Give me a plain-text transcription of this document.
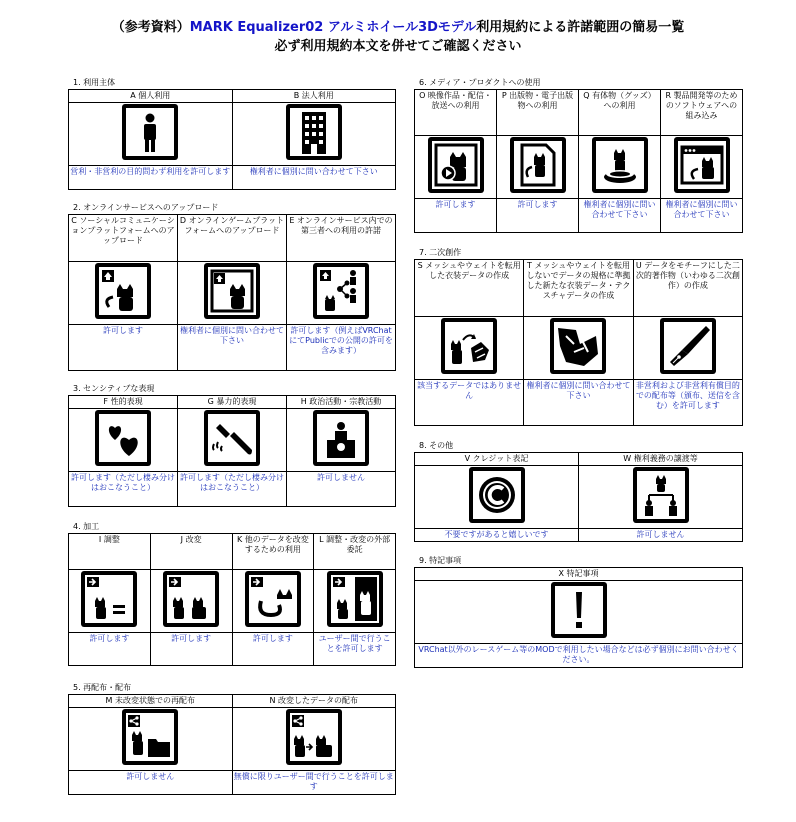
（参考資料）MARK Equalizer02 アルミホイール3Dモデル利用規約による許諾範囲の簡易一覧
必ず利用規約本文を併せてご確認ください
1. 利用主体
A 個人利用	B 法人利用

営利・非営利の目的問わず利用を許可します	権利者に個別に問い合わせて下さい
2. オンラインサービスへのアップロード
C ソーシャルコミュニケーションプラットフォームへのアップロード	D オンラインゲームプラットフォームへのアップロード	E オンラインサービス内での第三者への利用の許諾

許可します	権利者に個別に問い合わせて下さい	許可します（例えばVRChatにてPublicでの公開の許可を含みます）
3. センシティブな表現
F 性的表現	G 暴力的表現	H 政治活動・宗教活動

許可します（ただし棲み分けはおこなうこと）	許可します（ただし棲み分けはおこなうこと）	許可しません
4. 加工
I 調整	J 改変	K 他のデータを改変するための利用	L 調整・改変の外部委託

許可します	許可します	許可します	ユーザー間で行うことを許可します
5. 再配布・配布
M 未改変状態での再配布	N 改変したデータの配布

許可しません	無償に限りユーザー間で行うことを許可します
6. メディア・プロダクトへの使用
O 映像作品・配信・放送への利用	P 出版物・電子出版物への利用	Q 有体物（グッズ）への利用	R 製品開発等のためのソフトウェアへの組み込み

許可します	許可します	権利者に個別に問い合わせて下さい	権利者に個別に問い合わせて下さい
7. 二次創作
S メッシュやウェイトを転用した衣装データの作成	T メッシュやウェイトを転用しないでデータの規格に準拠した新たな衣装データ・テクスチャデータの作成	U データをモチーフにした二次的著作物（いわゆる二次創作）の作成

該当するデータではありません	権利者に個別に問い合わせて下さい	非営利および非営利有償目的での配布等（頒布、送信を含む）を許可します
8. その他
V クレジット表記	W 権利義務の譲渡等

不要ですがあると嬉しいです	許可しません
9. 特記事項
X 特記事項

VRChat以外のレースゲーム等のMODで利用したい場合などは必ず個別にお問い合わせください。
